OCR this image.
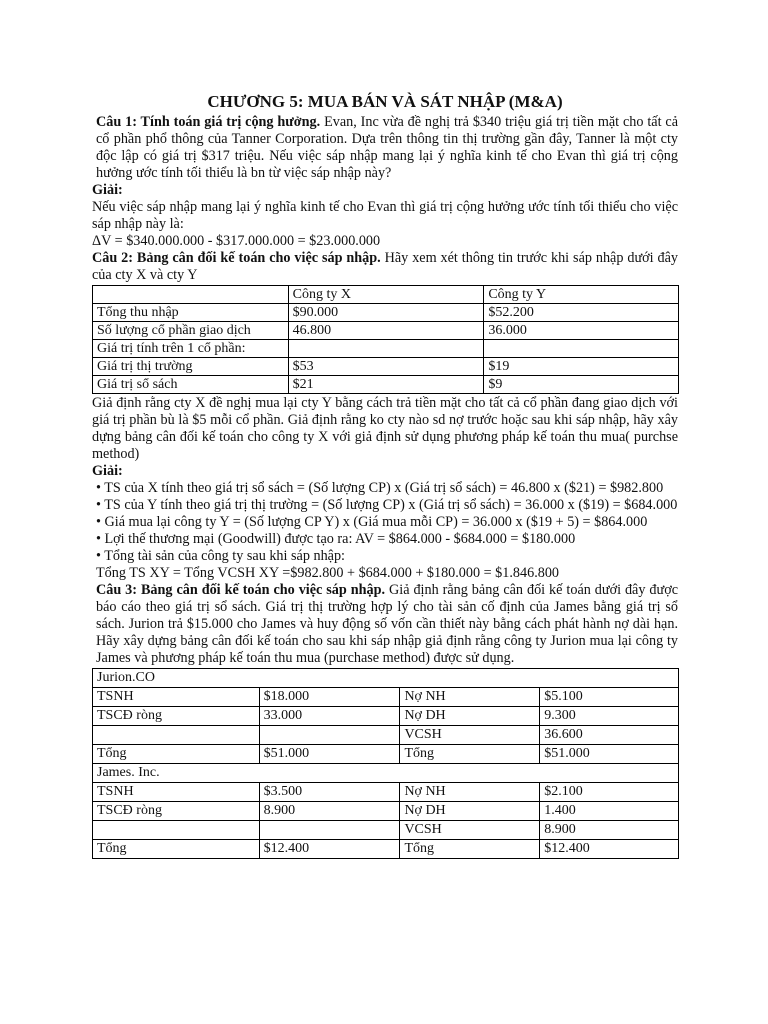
CHƯƠNG 5: MUA BÁN VÀ SÁT NHẬP (M&A)

Câu 1: Tính toán giá trị cộng hưởng. Evan, Inc vừa đề nghị trả $340 triệu giá trị tiền mặt cho tất cả cổ phần phổ thông của Tanner Corporation. Dựa trên thông tin thị trường gần đây, Tanner là một cty độc lập có giá trị $317 triệu. Nếu việc sáp nhập mang lại ý nghĩa kinh tế cho Evan thì giá trị cộng hưởng ước tính tối thiểu là bn từ việc sáp nhập này?

Giải:

Nếu việc sáp nhập mang lại ý nghĩa kinh tế cho Evan thì giá trị cộng hưởng ước tính tối thiểu cho việc sáp nhập này là:

ΔV = $340.000.000 - $317.000.000 = $23.000.000

Câu 2: Bảng cân đối kế toán cho việc sáp nhập. Hãy xem xét thông tin trước khi sáp nhập dưới đây của cty X và cty Y

	Công ty X	Công ty Y
Tổng thu nhập	$90.000	$52.200
Số lượng cổ phần giao dịch	46.800	36.000
Giá trị tính trên 1 cổ phần:		
Giá trị thị trường	$53	$19
Giá trị sổ sách	$21	$9

Giả định rằng cty X đề nghị mua lại cty Y bằng cách trả tiền mặt cho tất cả cổ phần đang giao dịch với giá trị phần bù là $5 mỗi cổ phần. Giả định rằng ko cty nào sd nợ trước hoặc sau khi sáp nhập, hãy xây dựng bảng cân đối kế toán cho công ty X với giả định sử dụng phương pháp kế toán thu mua( purchse method)

Giải:

• TS của X tính theo giá trị sổ sách = (Số lượng CP) x (Giá trị sổ sách) = 46.800 x ($21) = $982.800

• TS của Y tính theo giá trị thị trường = (Số lượng CP) x (Giá trị sổ sách) = 36.000 x ($19) = $684.000

• Giá mua lại công ty Y = (Số lượng CP Y) x (Giá mua mỗi CP) = 36.000 x ($19 + 5) = $864.000

• Lợi thế thương mại (Goodwill) được tạo ra: AV = $864.000 - $684.000 = $180.000

• Tổng tài sản của công ty sau khi sáp nhập:

Tổng TS XY = Tổng VCSH XY =$982.800 + $684.000 + $180.000 = $1.846.800

Câu 3: Bảng cân đối kế toán cho việc sáp nhập. Giả định rằng bảng cân đối kế toán dưới đây được báo cáo theo giá trị sổ sách. Giá trị thị trường hợp lý cho tài sản cố định của James bằng giá trị sổ sách. Jurion trả $15.000 cho James và huy động số vốn cần thiết này bằng cách phát hành nợ dài hạn. Hãy xây dựng bảng cân đối kế toán cho sau khi sáp nhập giả định rằng công ty Jurion mua lại công ty James và phương pháp kế toán thu mua (purchase method) được sử dụng.

Jurion.CO			
TSNH	$18.000	Nợ NH	$5.100
TSCĐ ròng	33.000	Nợ DH	9.300
		VCSH	36.600
Tổng	$51.000	Tổng	$51.000
James. Inc.			
TSNH	$3.500	Nợ NH	$2.100
TSCĐ ròng	8.900	Nợ DH	1.400
		VCSH	8.900
Tổng	$12.400	Tổng	$12.400
